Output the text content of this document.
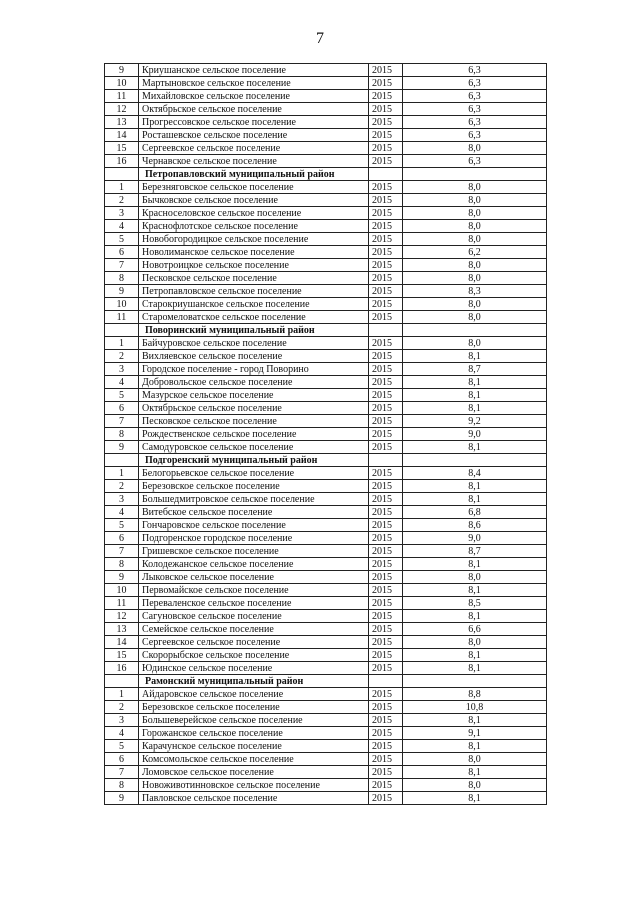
7
9	Криушанское сельское поселение	2015	6,3
10	Мартыновское сельское поселение	2015	6,3
11	Михайловское сельское поселение	2015	6,3
12	Октябрьское сельское поселение	2015	6,3
13	Прогрессовское сельское поселение	2015	6,3
14	Росташевское сельское поселение	2015	6,3
15	Сергеевское сельское поселение	2015	8,0
16	Чернавское сельское поселение	2015	6,3
	Петропавловский муниципальный район		
1	Березняговское сельское поселение	2015	8,0
2	Бычковское сельское поселение	2015	8,0
3	Красноселовское сельское поселение	2015	8,0
4	Краснофлотское сельское поселение	2015	8,0
5	Новобогородицкое сельское поселение	2015	8,0
6	Новолиманское сельское поселение	2015	6,2
7	Новотроицкое сельское поселение	2015	8,0
8	Песковское сельское поселение	2015	8,0
9	Петропавловское сельское поселение	2015	8,3
10	Старокриушанское сельское поселение	2015	8,0
11	Старомеловатское сельское поселение	2015	8,0
	Поворинский муниципальный район		
1	Байчуровское сельское поселение	2015	8,0
2	Вихляевское сельское поселение	2015	8,1
3	Городское поселение - город Поворино	2015	8,7
4	Добровольское сельское поселение	2015	8,1
5	Мазурское сельское поселение	2015	8,1
6	Октябрьское сельское поселение	2015	8,1
7	Песковское сельское поселение	2015	9,2
8	Рождественское сельское поселение	2015	9,0
9	Самодуровское сельское поселение	2015	8,1
	Подгоренский муниципальный район		
1	Белогорьевское сельское поселение	2015	8,4
2	Березовское сельское поселение	2015	8,1
3	Большедмитровское сельское поселение	2015	8,1
4	Витебское сельское поселение	2015	6,8
5	Гончаровское сельское поселение	2015	8,6
6	Подгоренское городское поселение	2015	9,0
7	Гришевское сельское поселение	2015	8,7
8	Колодежанское сельское поселение	2015	8,1
9	Лыковское сельское поселение	2015	8,0
10	Первомайское сельское поселение	2015	8,1
11	Переваленское сельское поселение	2015	8,5
12	Сагуновское сельское поселение	2015	8,1
13	Семейское сельское поселение	2015	6,6
14	Сергеевское сельское поселение	2015	8,0
15	Скорорыбское сельское поселение	2015	8,1
16	Юдинское сельское поселение	2015	8,1
	Рамонский муниципальный район		
1	Айдаровское сельское поселение	2015	8,8
2	Березовское сельское поселение	2015	10,8
3	Большеверейское сельское поселение	2015	8,1
4	Горожанское сельское поселение	2015	9,1
5	Карачунское сельское поселение	2015	8,1
6	Комсомольское сельское поселение	2015	8,0
7	Ломовское сельское поселение	2015	8,1
8	Новоживотинновское сельское поселение	2015	8,0
9	Павловское сельское поселение	2015	8,1
